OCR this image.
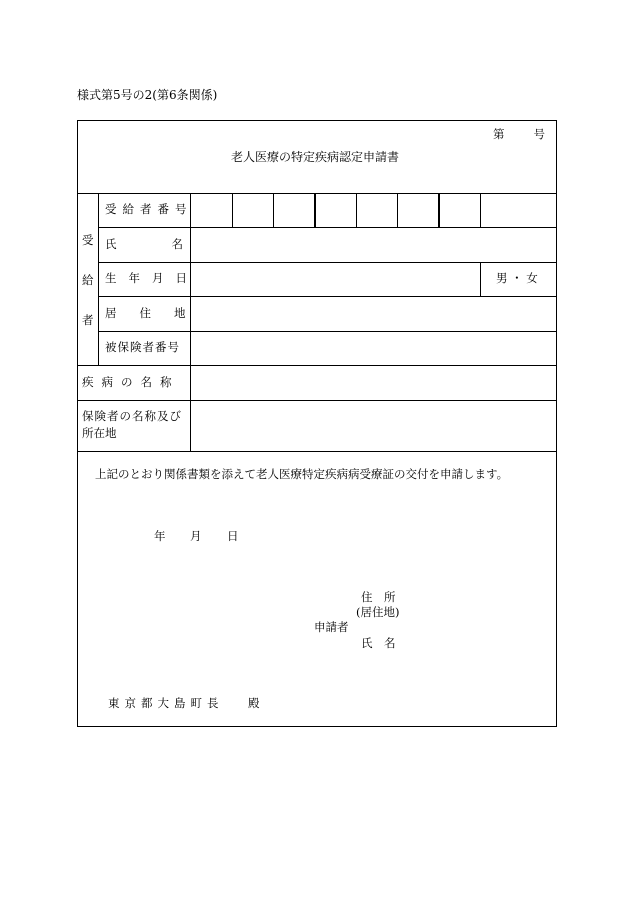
様式第5号の2(第6条関係)
第　　号
老人医療の特定疾病認定申請書
受
給
者
受給者番号
氏名
生年月日	男 ・ 女
居住地
被保険者番号
疾病の名称
保険者の名称及び
所在地
上記のとおり関係書類を添えて老人医療特定疾病病受療証の交付を申請します。
年 月 日
住　所
(居住地)
申請者
氏　名
東京都大島町長 殿
